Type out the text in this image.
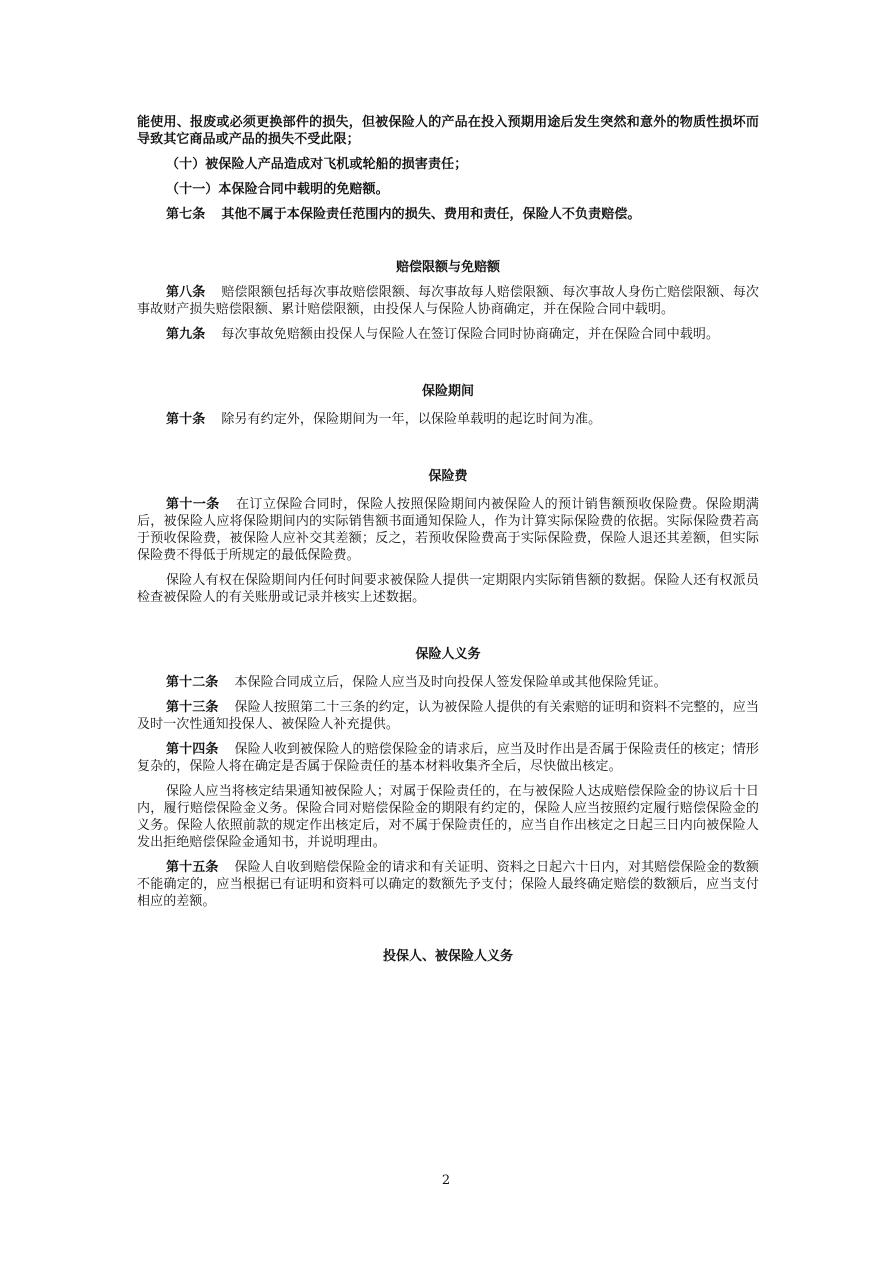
能使用、报废或必须更换部件的损失，但被保险人的产品在投入预期用途后发生突然和意外的物质性损坏而导致其它商品或产品的损失不受此限；

（十）被保险人产品造成对飞机或轮船的损害责任；

（十一）本保险合同中载明的免赔额。

第七条 其他不属于本保险责任范围内的损失、费用和责任，保险人不负责赔偿。

赔偿限额与免赔额

第八条 赔偿限额包括每次事故赔偿限额、每次事故每人赔偿限额、每次事故人身伤亡赔偿限额、每次事故财产损失赔偿限额、累计赔偿限额，由投保人与保险人协商确定，并在保险合同中载明。

第九条 每次事故免赔额由投保人与保险人在签订保险合同时协商确定，并在保险合同中载明。

保险期间

第十条 除另有约定外，保险期间为一年，以保险单载明的起讫时间为准。

保险费

第十一条 在订立保险合同时，保险人按照保险期间内被保险人的预计销售额预收保险费。保险期满后，被保险人应将保险期间内的实际销售额书面通知保险人，作为计算实际保险费的依据。实际保险费若高于预收保险费，被保险人应补交其差额；反之，若预收保险费高于实际保险费，保险人退还其差额，但实际保险费不得低于所规定的最低保险费。

保险人有权在保险期间内任何时间要求被保险人提供一定期限内实际销售额的数据。保险人还有权派员检查被保险人的有关账册或记录并核实上述数据。

保险人义务

第十二条 本保险合同成立后，保险人应当及时向投保人签发保险单或其他保险凭证。

第十三条 保险人按照第二十三条的约定，认为被保险人提供的有关索赔的证明和资料不完整的，应当及时一次性通知投保人、被保险人补充提供。

第十四条 保险人收到被保险人的赔偿保险金的请求后，应当及时作出是否属于保险责任的核定；情形复杂的，保险人将在确定是否属于保险责任的基本材料收集齐全后，尽快做出核定。

保险人应当将核定结果通知被保险人；对属于保险责任的，在与被保险人达成赔偿保险金的协议后十日内，履行赔偿保险金义务。保险合同对赔偿保险金的期限有约定的，保险人应当按照约定履行赔偿保险金的义务。保险人依照前款的规定作出核定后，对不属于保险责任的，应当自作出核定之日起三日内向被保险人发出拒绝赔偿保险金通知书，并说明理由。

第十五条 保险人自收到赔偿保险金的请求和有关证明、资料之日起六十日内，对其赔偿保险金的数额不能确定的，应当根据已有证明和资料可以确定的数额先予支付；保险人最终确定赔偿的数额后，应当支付相应的差额。

投保人、被保险人义务
2
